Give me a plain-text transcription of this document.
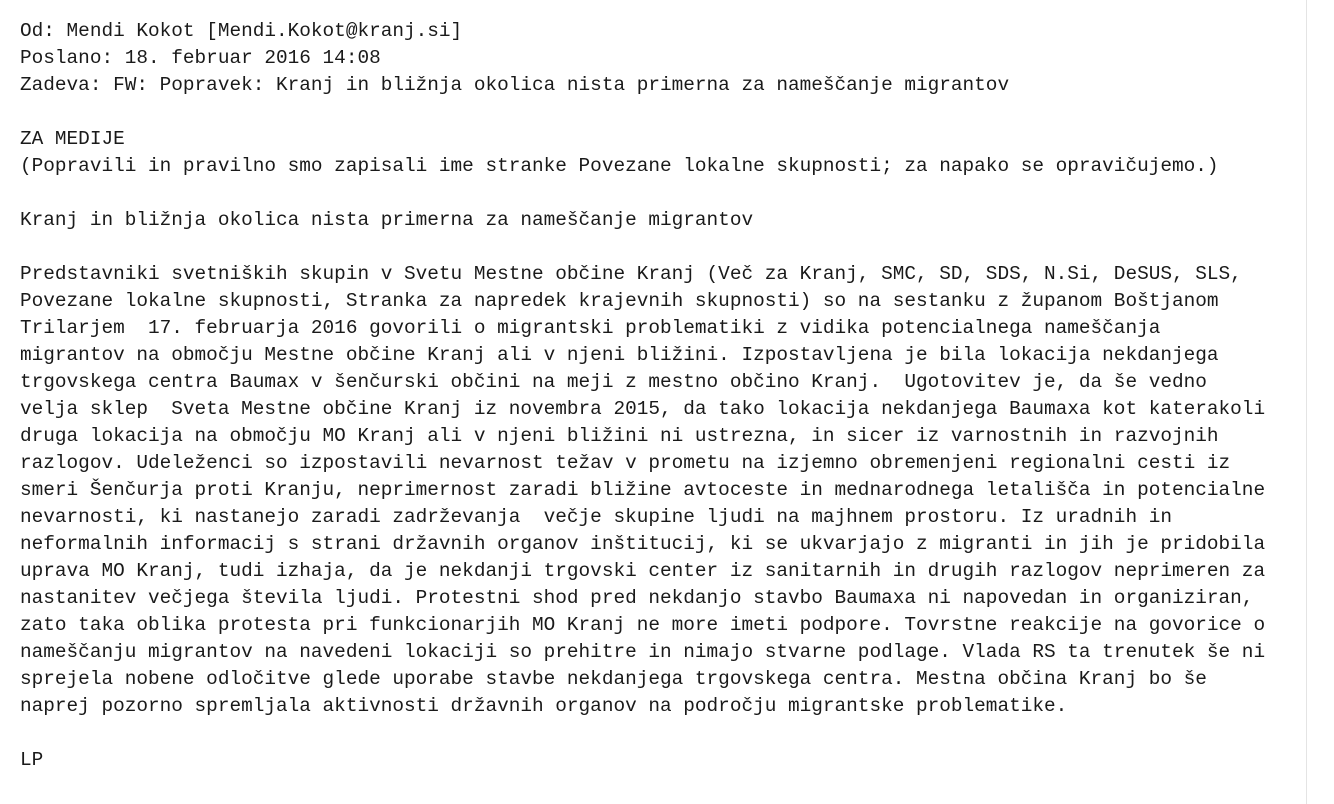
Od: Mendi Kokot [Mendi.Kokot@kranj.si]
Poslano: 18. februar 2016 14:08
Zadeva: FW: Popravek: Kranj in bližnja okolica nista primerna za nameščanje migrantov
ZA MEDIJE
(Popravili in pravilno smo zapisali ime stranke Povezane lokalne skupnosti; za napako se opravičujemo.)
Kranj in bližnja okolica nista primerna za nameščanje migrantov
Predstavniki svetniških skupin v Svetu Mestne občine Kranj (Več za Kranj, SMC, SD, SDS, N.Si, DeSUS, SLS,
Povezane lokalne skupnosti, Stranka za napredek krajevnih skupnosti) so na sestanku z županom Boštjanom
Trilarjem  17. februarja 2016 govorili o migrantski problematiki z vidika potencialnega nameščanja
migrantov na območju Mestne občine Kranj ali v njeni bližini. Izpostavljena je bila lokacija nekdanjega
trgovskega centra Baumax v šenčurski občini na meji z mestno občino Kranj.  Ugotovitev je, da še vedno
velja sklep  Sveta Mestne občine Kranj iz novembra 2015, da tako lokacija nekdanjega Baumaxa kot katerakoli
druga lokacija na območju MO Kranj ali v njeni bližini ni ustrezna, in sicer iz varnostnih in razvojnih
razlogov. Udeleženci so izpostavili nevarnost težav v prometu na izjemno obremenjeni regionalni cesti iz
smeri Šenčurja proti Kranju, neprimernost zaradi bližine avtoceste in mednarodnega letališča in potencialne
nevarnosti, ki nastanejo zaradi zadrževanja  večje skupine ljudi na majhnem prostoru. Iz uradnih in
neformalnih informacij s strani državnih organov inštitucij, ki se ukvarjajo z migranti in jih je pridobila
uprava MO Kranj, tudi izhaja, da je nekdanji trgovski center iz sanitarnih in drugih razlogov neprimeren za
nastanitev večjega števila ljudi. Protestni shod pred nekdanjo stavbo Baumaxa ni napovedan in organiziran,
zato taka oblika protesta pri funkcionarjih MO Kranj ne more imeti podpore. Tovrstne reakcije na govorice o
nameščanju migrantov na navedeni lokaciji so prehitre in nimajo stvarne podlage. Vlada RS ta trenutek še ni
sprejela nobene odločitve glede uporabe stavbe nekdanjega trgovskega centra. Mestna občina Kranj bo še
naprej pozorno spremljala aktivnosti državnih organov na področju migrantske problematike.
LP
